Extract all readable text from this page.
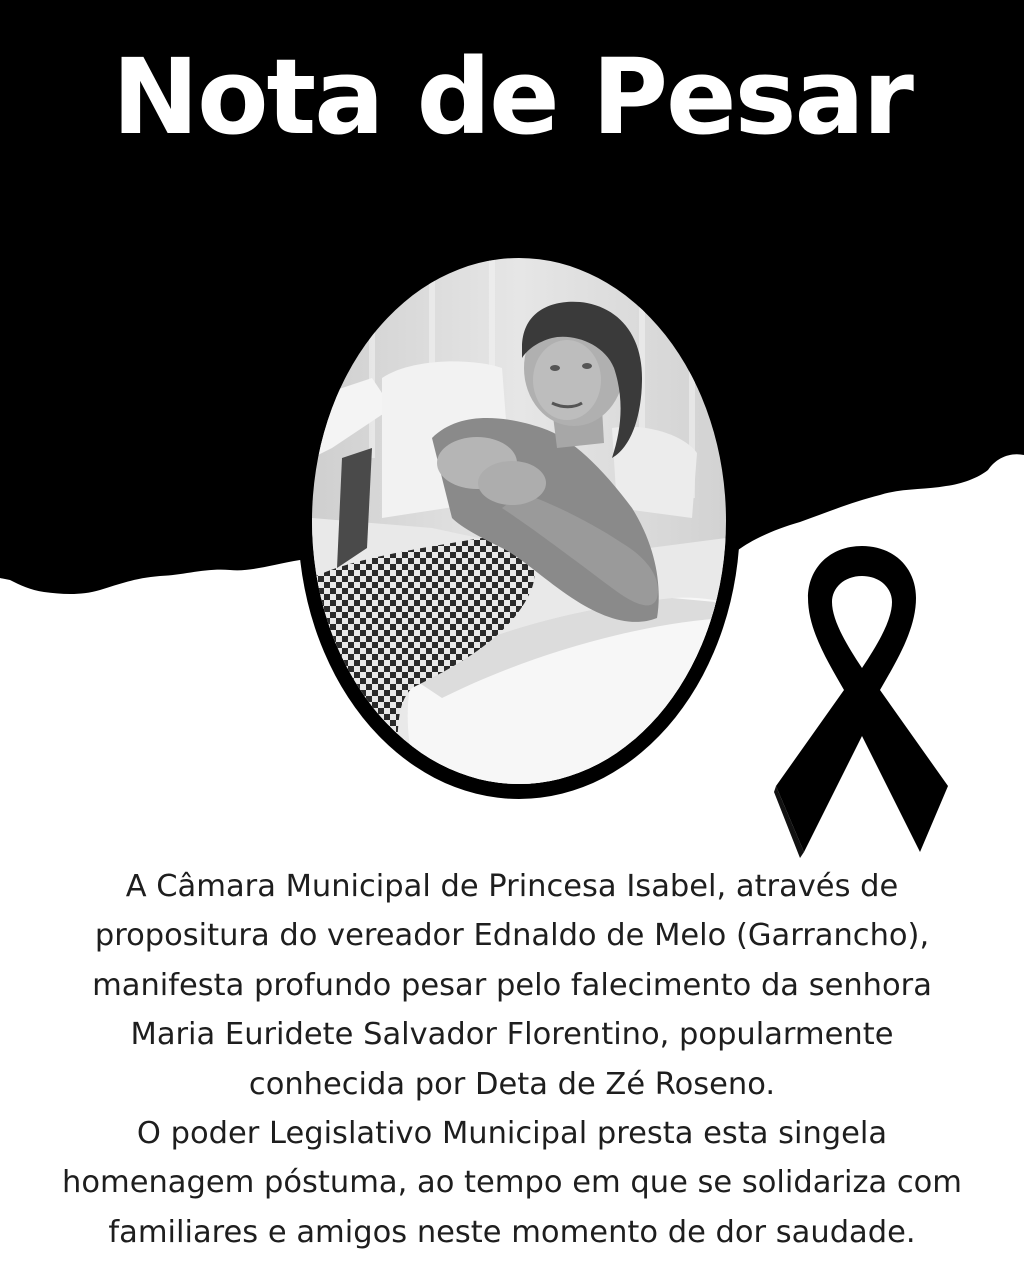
Nota de Pesar
A Câmara Municipal de Princesa Isabel, através de
propositura do vereador Ednaldo de Melo (Garrancho),
manifesta profundo pesar pelo falecimento da senhora
Maria Euridete Salvador Florentino, popularmente
conhecida por Deta de Zé Roseno.
O poder Legislativo Municipal presta esta singela
homenagem póstuma, ao tempo em que se solidariza com
familiares e amigos neste momento de dor saudade.
